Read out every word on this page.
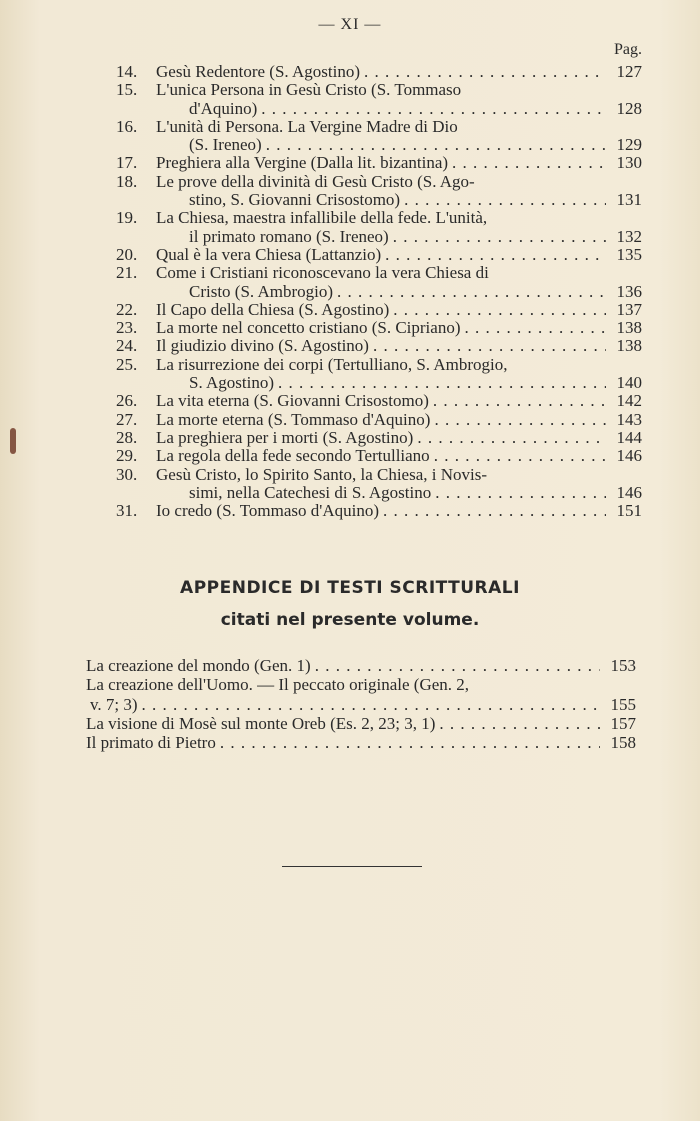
— XI —
Pag.
14.	Gesù Redentore (S. Agostino) . . .	127
15.	L'unica Persona in Gesù Cristo (S. Tommaso
d'Aquino) . . .	128
16.	L'unità di Persona. La Vergine Madre di Dio
(S. Ireneo) . . .	129
17.	Preghiera alla Vergine (Dalla lit. bizantina) . . .	130
18.	Le prove della divinità di Gesù Cristo (S. Ago-
stino, S. Giovanni Crisostomo) . . .	131
19.	La Chiesa, maestra infallibile della fede. L'unità,
il primato romano (S. Ireneo) . . .	132
20.	Qual è la vera Chiesa (Lattanzio) . . .	135
21.	Come i Cristiani riconoscevano la vera Chiesa di
Cristo (S. Ambrogio) . . .	136
22.	Il Capo della Chiesa (S. Agostino) . . .	137
23.	La morte nel concetto cristiano (S. Cipriano) . . .	138
24.	Il giudizio divino (S. Agostino) . . .	138
25.	La risurrezione dei corpi (Tertulliano, S. Ambrogio,
S. Agostino) . . .	140
26.	La vita eterna (S. Giovanni Crisostomo) . . .	142
27.	La morte eterna (S. Tommaso d'Aquino) . . .	143
28.	La preghiera per i morti (S. Agostino) . . .	144
29.	La regola della fede secondo Tertulliano . . .	146
30.	Gesù Cristo, lo Spirito Santo, la Chiesa, i Novis-
simi, nella Catechesi di S. Agostino . . .	146
31.	Io credo (S. Tommaso d'Aquino) . . .	151
APPENDICE DI TESTI SCRITTURALI
citati nel presente volume.
La creazione del mondo (Gen. 1) . . .	153
La creazione dell'Uomo. — Il peccato originale (Gen. 2,
v. 7; 3) . . .	155
La visione di Mosè sul monte Oreb (Es. 2, 23; 3, 1) . . .	157
Il primato di Pietro . . .	158
